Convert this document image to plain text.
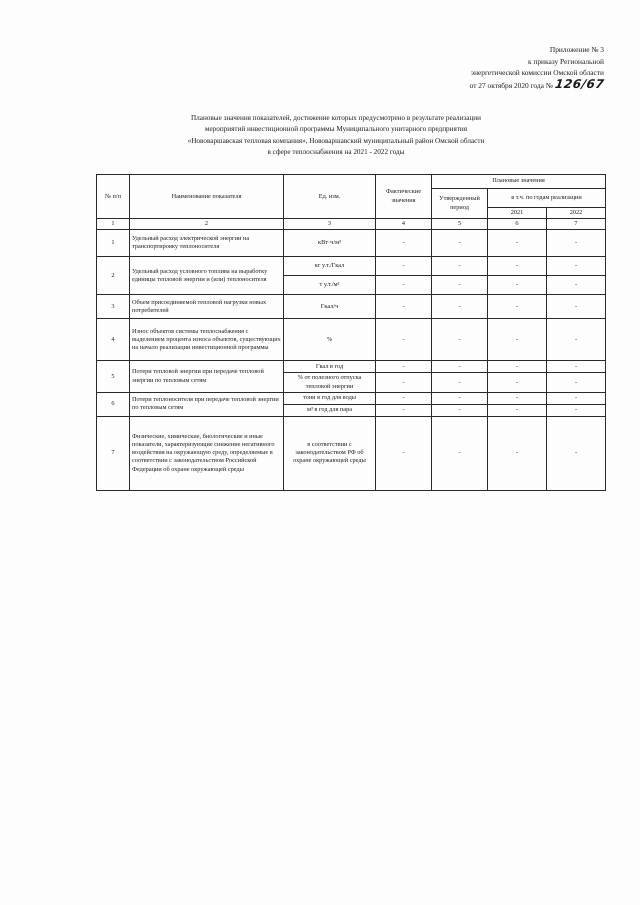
Приложение № 3
к приказу Региональной
энергетической комиссии Омской области
от 27 октября 2020 года №126/67
Плановые значения показателей, достижение которых предусмотрено в результате реализации
мероприятий инвестиционной программы Муниципального унитарного предприятия
«Нововаршавская тепловая компания», Нововаршавский муниципальный район Омской области
в сфере теплоснабжения на 2021 - 2022 годы
№ п/п	Наименование показателя	Ед. изм.	Фактические значения	Плановые значения		
				Утвержденный период	в т.ч. по годам реализации	
					2021	2022
1	2	3	4	5	6	7
1	Удельный расход электрической энергии на транспортировку теплоносителя	кВт·ч/м³	-	-	-	-
2	Удельный расход условного топлива на выработку единицы тепловой энергии и (или) теплоносителя	кг у.т./Гкал	-	-	-	-
		т у.т./м³	-	-	-	-
3	Объем присоединяемой тепловой нагрузки новых потребителей	Гкал/ч	-	-	-	-
4	Износ объектов системы теплоснабжения с выделением процента износа объектов, существующих на начало реализации инвестиционной программы	%	-	-	-	-
5	Потери тепловой энергии при передаче тепловой энергии по тепловым сетям	Гкал в год	-	-	-	-
		% от полезного отпуска тепловой энергии	-	-	-	-
6	Потери теплоносителя при передаче тепловой энергии по тепловым сетям	тонн в год для воды	-	-	-	-
		м³ в год для пара	-	-	-	-
7	Физические, химические, биологические и иные показатели, характеризующие снижение негативного воздействия на окружающую среду, определяемые в соответствии с законодательством Российской Федерации об охране окружающей среды	в соответствии с законодательством РФ об охране окружающей среды	-	-	-	-
